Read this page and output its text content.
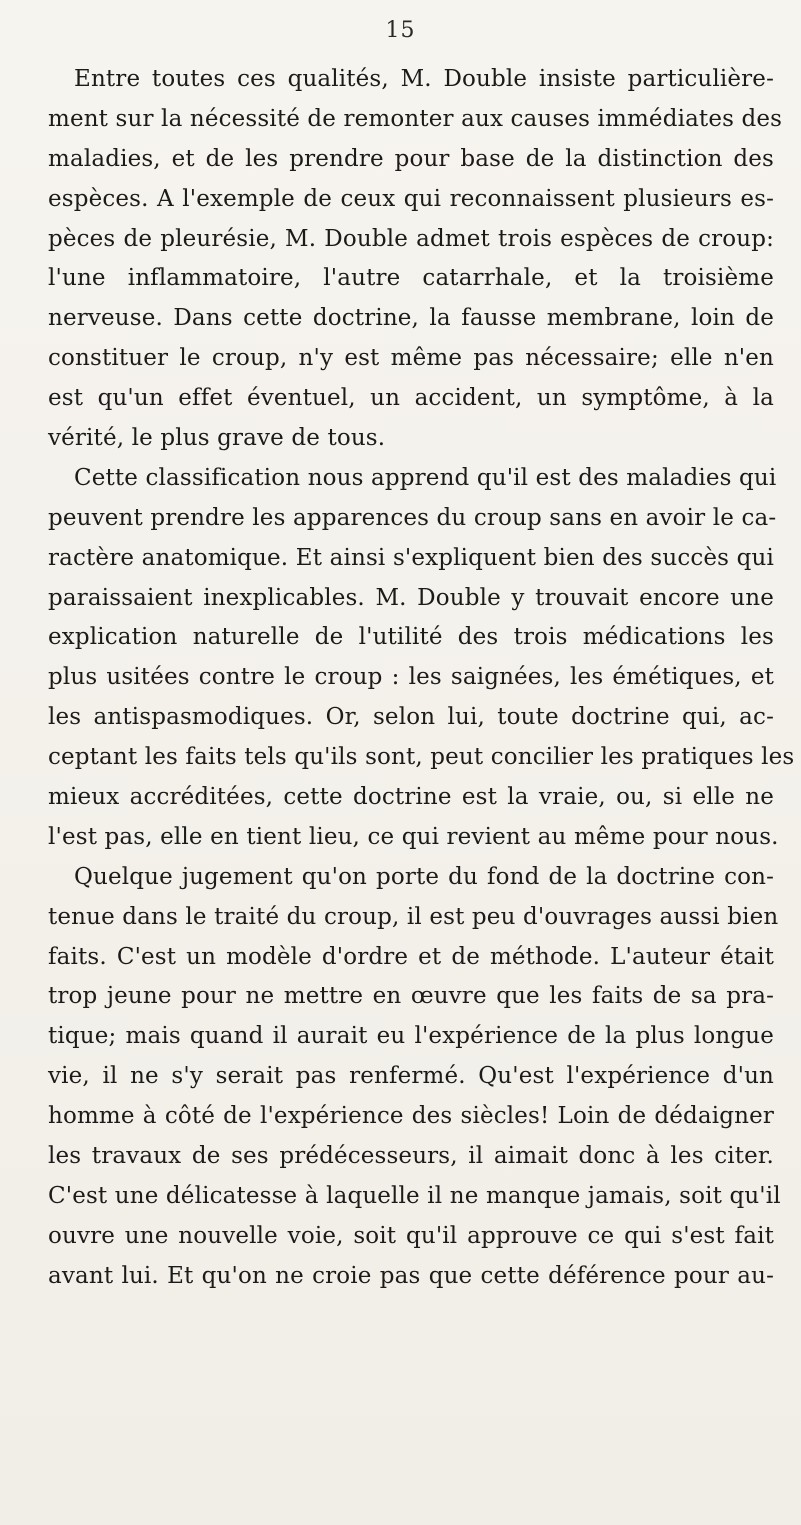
15
Entre toutes ces qualités, M. Double insiste particulière-
ment sur la nécessité de remonter aux causes immédiates des
maladies, et de les prendre pour base de la distinction des
espèces. A l'exemple de ceux qui reconnaissent plusieurs es-
pèces de pleurésie, M. Double admet trois espèces de croup:
l'une inflammatoire, l'autre catarrhale, et la troisième
nerveuse. Dans cette doctrine, la fausse membrane, loin de
constituer le croup, n'y est même pas nécessaire; elle n'en
est qu'un effet éventuel, un accident, un symptôme, à la
vérité, le plus grave de tous.
Cette classification nous apprend qu'il est des maladies qui
peuvent prendre les apparences du croup sans en avoir le ca-
ractère anatomique. Et ainsi s'expliquent bien des succès qui
paraissaient inexplicables. M. Double y trouvait encore une
explication naturelle de l'utilité des trois médications les
plus usitées contre le croup : les saignées, les émétiques, et
les antispasmodiques. Or, selon lui, toute doctrine qui, ac-
ceptant les faits tels qu'ils sont, peut concilier les pratiques les
mieux accréditées, cette doctrine est la vraie, ou, si elle ne
l'est pas, elle en tient lieu, ce qui revient au même pour nous.
Quelque jugement qu'on porte du fond de la doctrine con-
tenue dans le traité du croup, il est peu d'ouvrages aussi bien
faits. C'est un modèle d'ordre et de méthode. L'auteur était
trop jeune pour ne mettre en œuvre que les faits de sa pra-
tique; mais quand il aurait eu l'expérience de la plus longue
vie, il ne s'y serait pas renfermé. Qu'est l'expérience d'un
homme à côté de l'expérience des siècles! Loin de dédaigner
les travaux de ses prédécesseurs, il aimait donc à les citer.
C'est une délicatesse à laquelle il ne manque jamais, soit qu'il
ouvre une nouvelle voie, soit qu'il approuve ce qui s'est fait
avant lui. Et qu'on ne croie pas que cette déférence pour au-
